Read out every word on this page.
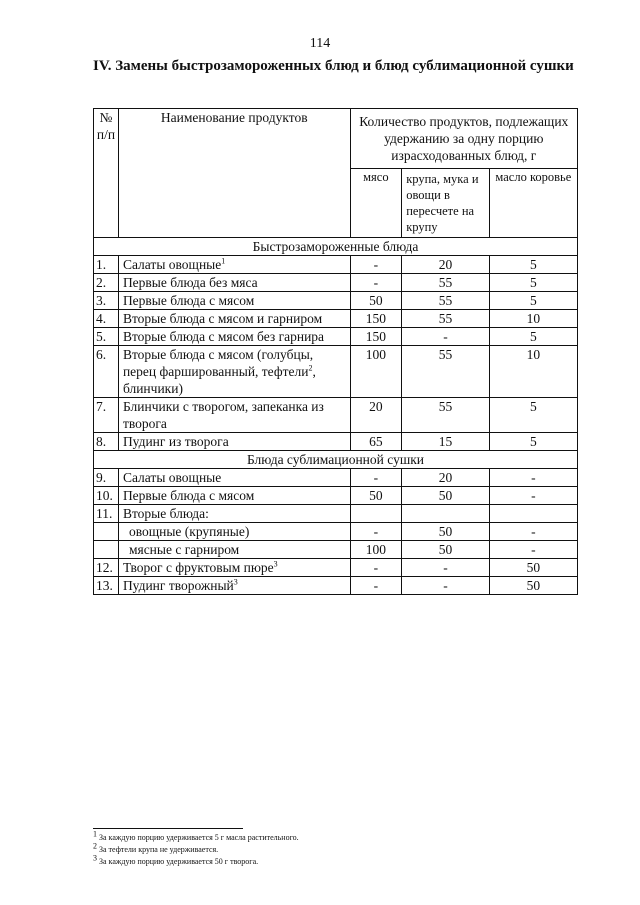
114
IV. Замены быстрозамороженных блюд и блюд сублимационной сушки
№ п/п	Наименование продуктов	Количество продуктов, подлежащих удержанию за одну порцию израсходованных блюд, г		
		мясо	крупа, мука и овощи в пересчете на крупу	масло коровье
Быстрозамороженные блюда				
1.	Салаты овощные$^1$	-	20	5
2.	Первые блюда без мяса	-	55	5
3.	Первые блюда с мясом	50	55	5
4.	Вторые блюда с мясом и гарниром	150	55	10
5.	Вторые блюда с мясом без гарнира	150	-	5
6.	Вторые блюда с мясом (голубцы, перец фаршированный, тефтели$^2$, блинчики)	100	55	10
7.	Блинчики с творогом, запеканка из творога	20	55	5
8.	Пудинг из творога	65	15	5
Блюда сублимационной сушки				
9.	Салаты овощные	-	20	-
10.	Первые блюда с мясом	50	50	-
11.	Вторые блюда:			
	овощные (крупяные)	-	50	-
	мясные с гарниром	100	50	-
12.	Творог с фруктовым пюре$^3$	-	-	50
13.	Пудинг творожный$^3$	-	-	50
$^1$ За каждую порцию удерживается 5 г масла растительного.
$^2$ За тефтели крупа не удерживается.
$^3$ За каждую порцию удерживается 50 г творога.
